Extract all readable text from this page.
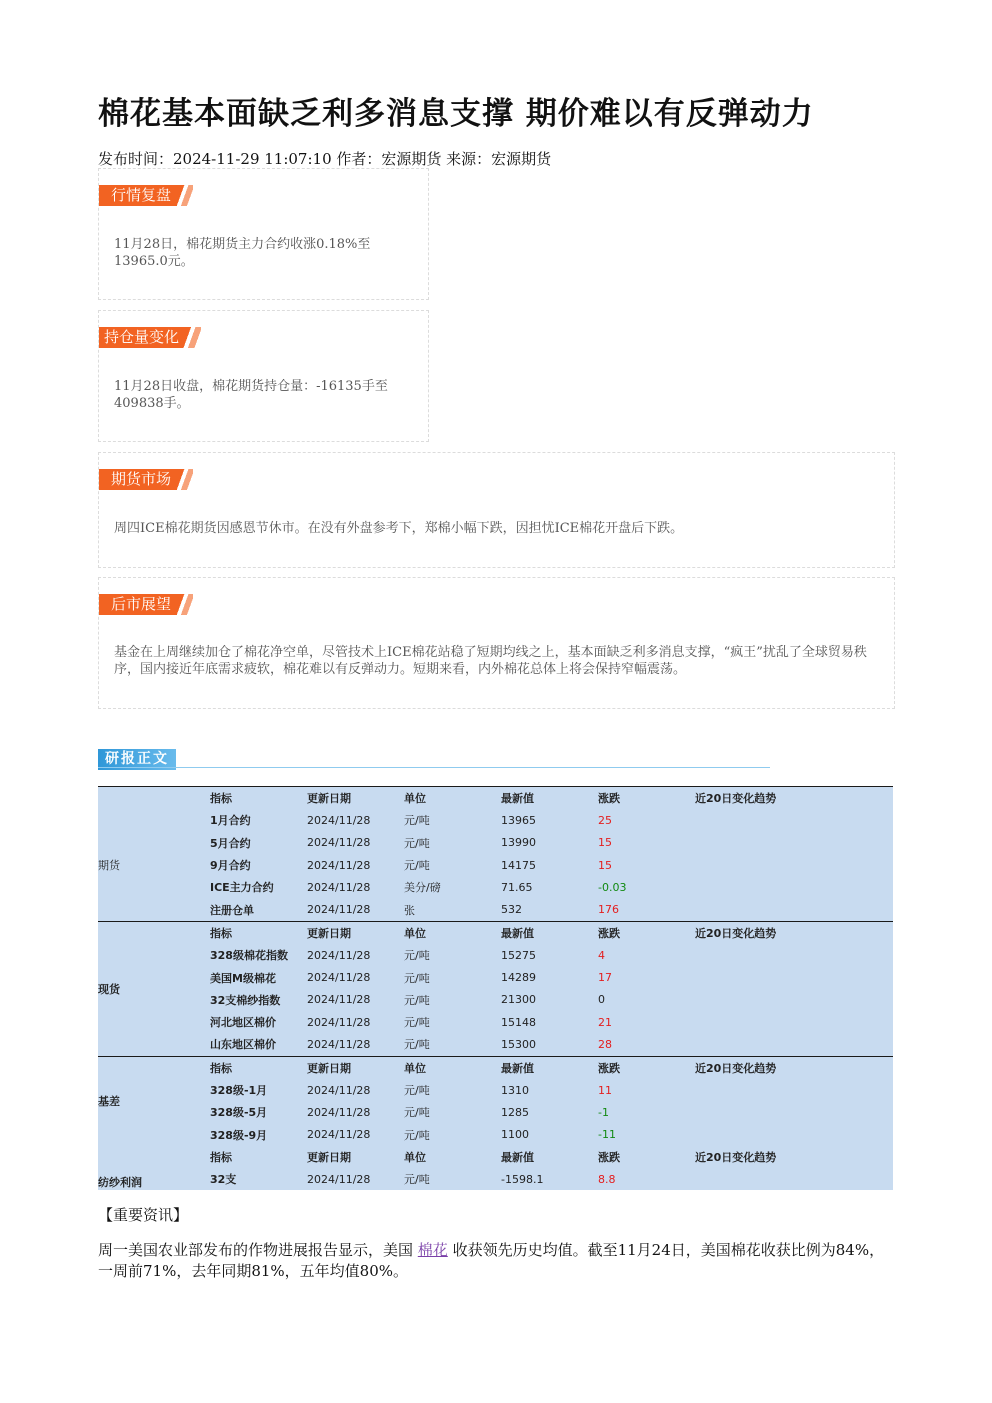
棉花基本面缺乏利多消息支撑 期价难以有反弹动力
发布时间：2024-11-29 11:07:10 作者：宏源期货 来源：宏源期货
行情复盘
11月28日，棉花期货主力合约收涨0.18%至13965.0元。
持仓量变化
11月28日收盘，棉花期货持仓量：-16135手至409838手。
期货市场
周四ICE棉花期货因感恩节休市。在没有外盘参考下，郑棉小幅下跌，因担忧ICE棉花开盘后下跌。
后市展望
基金在上周继续加仓了棉花净空单，尽管技术上ICE棉花站稳了短期均线之上，基本面缺乏利多消息支撑，“疯王”扰乱了全球贸易秩序，国内接近年底需求疲软，棉花难以有反弹动力。短期来看，内外棉花总体上将会保持窄幅震荡。
研报正文
	指标	更新日期	单位	最新值	涨跌	近20日变化趋势
期货	1月合约	2024/11/28	元/吨	13965	25	
	5月合约	2024/11/28	元/吨	13990	15	
	9月合约	2024/11/28	元/吨	14175	15	
	ICE主力合约	2024/11/28	美分/磅	71.65	-0.03	
	注册仓单	2024/11/28	张	532	176	
现货	指标	更新日期	单位	最新值	涨跌	近20日变化趋势
	328级棉花指数	2024/11/28	元/吨	15275	4	
	美国M级棉花	2024/11/28	元/吨	14289	17	
	32支棉纱指数	2024/11/28	元/吨	21300	0	
	河北地区棉价	2024/11/28	元/吨	15148	21	
	山东地区棉价	2024/11/28	元/吨	15300	28	
基差	指标	更新日期	单位	最新值	涨跌	近20日变化趋势
	328级-1月	2024/11/28	元/吨	1310	11	
	328级-5月	2024/11/28	元/吨	1285	-1	
	328级-9月	2024/11/28	元/吨	1100	-11	
纺纱利润	指标	更新日期	单位	最新值	涨跌	近20日变化趋势
	32支	2024/11/28	元/吨	-1598.1	8.8	
【重要资讯】
周一美国农业部发布的作物进展报告显示，美国 棉花 收获领先历史均值。截至11月24日，美国棉花收获比例为84%，一周前71%，去年同期81%，五年均值80%。
